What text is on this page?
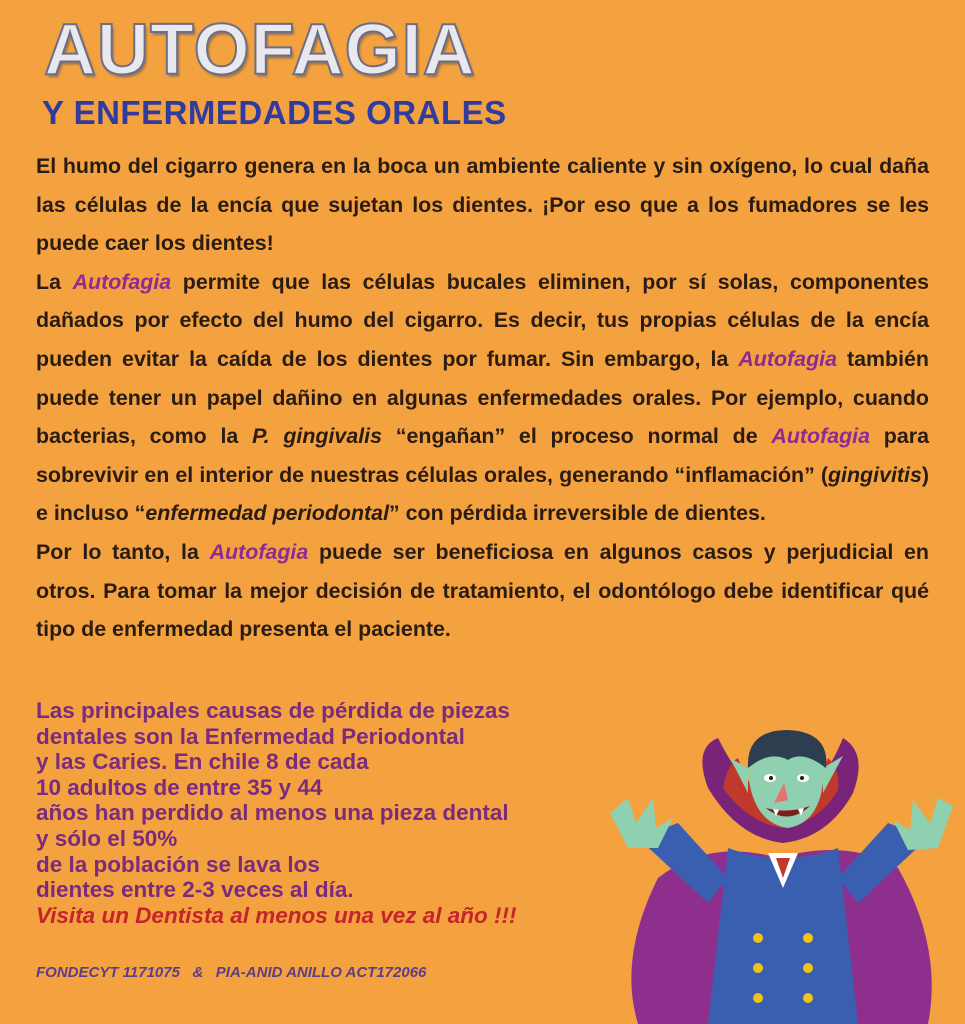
AUTOFAGIA
Y ENFERMEDADES ORALES

El humo del cigarro genera en la boca un ambiente caliente y sin oxígeno, lo cual daña las células de la encía que sujetan los dientes. ¡Por eso que a los fumadores se les puede caer los dientes!

La Autofagia permite que las células bucales eliminen, por sí solas, componentes dañados por efecto del humo del cigarro. Es decir, tus propias células de la encía pueden evitar la caída de los dientes por fumar. Sin embargo, la Autofagia también puede tener un papel dañino en algunas enfermedades orales. Por ejemplo, cuando bacterias, como la P. gingivalis “engañan” el proceso normal de Autofagia para sobrevivir en el interior de nuestras células orales, generando “inflamación” (gingivitis) e incluso “enfermedad periodontal” con pérdida irreversible de dientes.

Por lo tanto, la Autofagia puede ser beneficiosa en algunos casos y perjudicial en otros. Para tomar la mejor decisión de tratamiento, el odontólogo debe identificar qué tipo de enfermedad presenta el paciente.

Las principales causas de pérdida de piezas
dentales son la Enfermedad Periodontal
y las Caries. En chile 8 de cada
10 adultos de entre 35 y 44
años han perdido al menos una pieza dental
y sólo el 50%
de la población se lava los
dientes entre 2-3 veces al día.
Visita un Dentista al menos una vez al año !!!
FONDECYT 1171075   &   PIA-ANID ANILLO ACT172066
